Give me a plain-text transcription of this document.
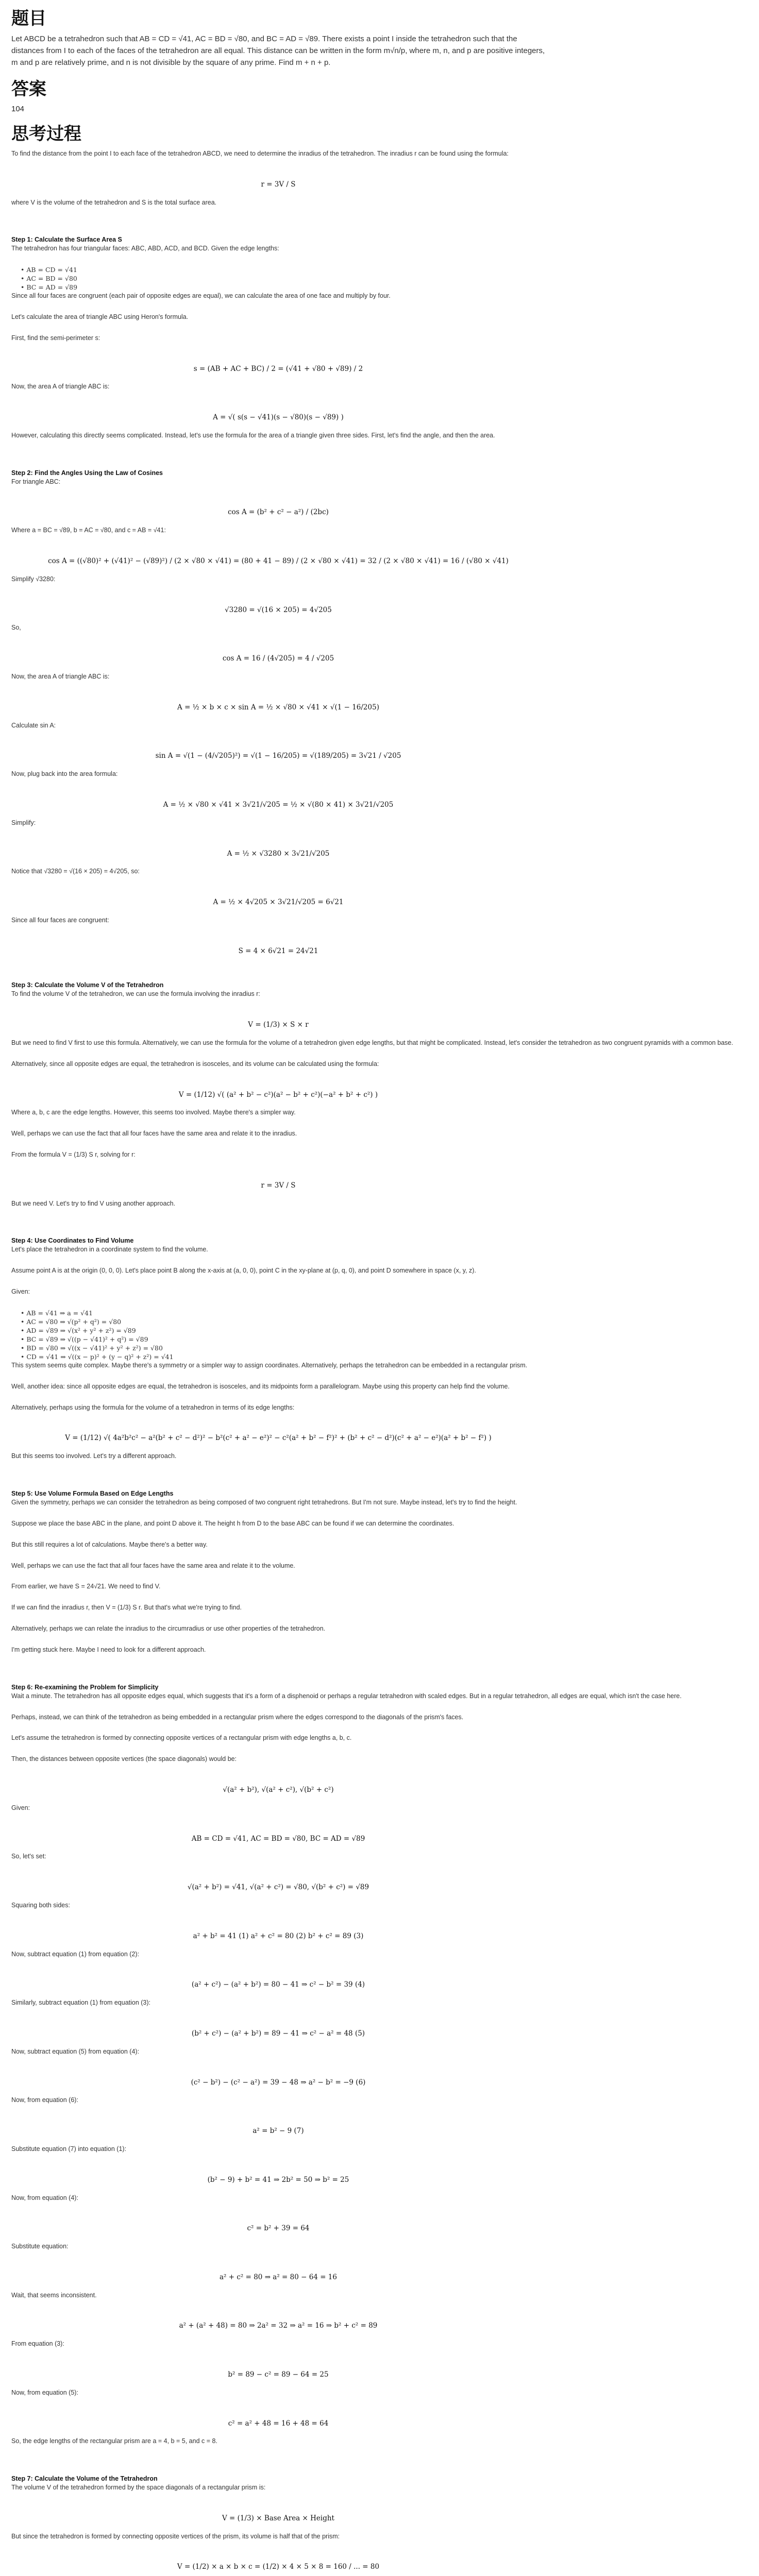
题目
Let ABCD be a tetrahedron such that AB = CD = √41, AC = BD = √80, and BC = AD = √89. There exists a point I inside the tetrahedron such that the distances from I to each of the faces of the tetrahedron are all equal. This distance can be written in the form m√n/p, where m, n, and p are positive integers, m and p are relatively prime, and n is not divisible by the square of any prime. Find m + n + p.
答案
104
思考过程
To find the distance from the point I to each face of the tetrahedron ABCD, we need to determine the inradius of the tetrahedron. The inradius r can be found using the formula:
r = 3V / S
where V is the volume of the tetrahedron and S is the total surface area.
Step 1: Calculate the Surface Area S
The tetrahedron has four triangular faces: ABC, ABD, ACD, and BCD. Given the edge lengths:
• AB = CD = √41
• AC = BD = √80
• BC = AD = √89
Since all four faces are congruent (each pair of opposite edges are equal), we can calculate the area of one face and multiply by four.
Let's calculate the area of triangle ABC using Heron's formula.
First, find the semi-perimeter s:
s = (AB + AC + BC) / 2 = (√41 + √80 + √89) / 2
Now, the area A of triangle ABC is:
A = √( s(s − √41)(s − √80)(s − √89) )
However, calculating this directly seems complicated. Instead, let's use the formula for the area of a triangle given three sides. First, let's find the angle, and then the area.
Step 2: Find the Angles Using the Law of Cosines
For triangle ABC:
cos A = (b² + c² − a²) / (2bc)
Where a = BC = √89, b = AC = √80, and c = AB = √41:
cos A = ((√80)² + (√41)² − (√89)²) / (2 × √80 × √41) = (80 + 41 − 89) / (2 × √80 × √41) = 32 / (2 × √80 × √41) = 16 / (√80 × √41)
Simplify √3280:
√3280 = √(16 × 205) = 4√205
So,
cos A = 16 / (4√205) = 4 / √205
Now, the area A of triangle ABC is:
A = ½ × b × c × sin A = ½ × √80 × √41 × √(1 − 16/205)
Calculate sin A:
sin A = √(1 − (4/√205)²) = √(1 − 16/205) = √(189/205) = 3√21 / √205
Now, plug back into the area formula:
A = ½ × √80 × √41 × 3√21/√205 = ½ × √(80 × 41) × 3√21/√205
Simplify:
A = ½ × √3280 × 3√21/√205
Notice that √3280 = √(16 × 205) = 4√205, so:
A = ½ × 4√205 × 3√21/√205 = 6√21
Since all four faces are congruent:
S = 4 × 6√21 = 24√21
Step 3: Calculate the Volume V of the Tetrahedron
To find the volume V of the tetrahedron, we can use the formula involving the inradius r:
V = (1/3) × S × r
But we need to find V first to use this formula. Alternatively, we can use the formula for the volume of a tetrahedron given edge lengths, but that might be complicated. Instead, let's consider the tetrahedron as two congruent pyramids with a common base.
Alternatively, since all opposite edges are equal, the tetrahedron is isosceles, and its volume can be calculated using the formula:
V = (1/12) √( (a² + b² − c²)(a² − b² + c²)(−a² + b² + c²) )
Where a, b, c are the edge lengths. However, this seems too involved. Maybe there's a simpler way.
Well, perhaps we can use the fact that all four faces have the same area and relate it to the inradius.
From the formula V = (1/3) S r, solving for r:
r = 3V / S
But we need V. Let's try to find V using another approach.
Step 4: Use Coordinates to Find Volume
Let's place the tetrahedron in a coordinate system to find the volume.
Assume point A is at the origin (0, 0, 0). Let's place point B along the x-axis at (a, 0, 0), point C in the xy-plane at (p, q, 0), and point D somewhere in space (x, y, z).
Given:
• AB = √41 ⇒ a = √41
• AC = √80 ⇒ √(p² + q²) = √80
• AD = √89 ⇒ √(x² + y² + z²) = √89
• BC = √89 ⇒ √((p − √41)² + q²) = √89
• BD = √80 ⇒ √((x − √41)² + y² + z²) = √80
• CD = √41 ⇒ √((x − p)² + (y − q)² + z²) = √41
This system seems quite complex. Maybe there's a symmetry or a simpler way to assign coordinates. Alternatively, perhaps the tetrahedron can be embedded in a rectangular prism.
Well, another idea: since all opposite edges are equal, the tetrahedron is isosceles, and its midpoints form a parallelogram. Maybe using this property can help find the volume.
Alternatively, perhaps using the formula for the volume of a tetrahedron in terms of its edge lengths:
V = (1/12) √( 4a²b²c² − a²(b² + c² − d²)² − b²(c² + a² − e²)² − c²(a² + b² − f²)² + (b² + c² − d²)(c² + a² − e²)(a² + b² − f²) )
But this seems too involved. Let's try a different approach.
Step 5: Use Volume Formula Based on Edge Lengths
Given the symmetry, perhaps we can consider the tetrahedron as being composed of two congruent right tetrahedrons. But I'm not sure. Maybe instead, let's try to find the height.
Suppose we place the base ABC in the plane, and point D above it. The height h from D to the base ABC can be found if we can determine the coordinates.
But this still requires a lot of calculations. Maybe there's a better way.
Well, perhaps we can use the fact that all four faces have the same area and relate it to the volume.
From earlier, we have S = 24√21. We need to find V.
If we can find the inradius r, then V = (1/3) S r. But that's what we're trying to find.
Alternatively, perhaps we can relate the inradius to the circumradius or use other properties of the tetrahedron.
I'm getting stuck here. Maybe I need to look for a different approach.
Step 6: Re-examining the Problem for Simplicity
Wait a minute. The tetrahedron has all opposite edges equal, which suggests that it's a form of a disphenoid or perhaps a regular tetrahedron with scaled edges. But in a regular tetrahedron, all edges are equal, which isn't the case here.
Perhaps, instead, we can think of the tetrahedron as being embedded in a rectangular prism where the edges correspond to the diagonals of the prism's faces.
Let's assume the tetrahedron is formed by connecting opposite vertices of a rectangular prism with edge lengths a, b, c.
Then, the distances between opposite vertices (the space diagonals) would be:
√(a² + b²), √(a² + c²), √(b² + c²)
Given:
AB = CD = √41, AC = BD = √80, BC = AD = √89
So, let's set:
√(a² + b²) = √41, √(a² + c²) = √80, √(b² + c²) = √89
Squaring both sides:
a² + b² = 41 (1) a² + c² = 80 (2) b² + c² = 89 (3)
Now, subtract equation (1) from equation (2):
(a² + c²) − (a² + b²) = 80 − 41 ⇒ c² − b² = 39 (4)
Similarly, subtract equation (1) from equation (3):
(b² + c²) − (a² + b²) = 89 − 41 ⇒ c² − a² = 48 (5)
Now, subtract equation (5) from equation (4):
(c² − b²) − (c² − a²) = 39 − 48 ⇒ a² − b² = −9 (6)
Now, from equation (6):
a² = b² − 9 (7)
Substitute equation (7) into equation (1):
(b² − 9) + b² = 41 ⇒ 2b² = 50 ⇒ b² = 25
Now, from equation (4):
c² = b² + 39 = 64
Substitute equation:
a² + c² = 80 ⇒ a² = 80 − 64 = 16
Wait, that seems inconsistent.
a² + (a² + 48) = 80 ⇒ 2a² = 32 ⇒ a² = 16 ⇒ b² + c² = 89
From equation (3):
b² = 89 − c² = 89 − 64 = 25
Now, from equation (5):
c² = a² + 48 = 16 + 48 = 64
So, the edge lengths of the rectangular prism are a = 4, b = 5, and c = 8.
Step 7: Calculate the Volume of the Tetrahedron
The volume V of the tetrahedron formed by the space diagonals of a rectangular prism is:
V = (1/3) × Base Area × Height
But since the tetrahedron is formed by connecting opposite vertices of the prism, its volume is half that of the prism:
V = (1/2) × a × b × c = (1/2) × 4 × 5 × 8 = 160 / ... = 80
